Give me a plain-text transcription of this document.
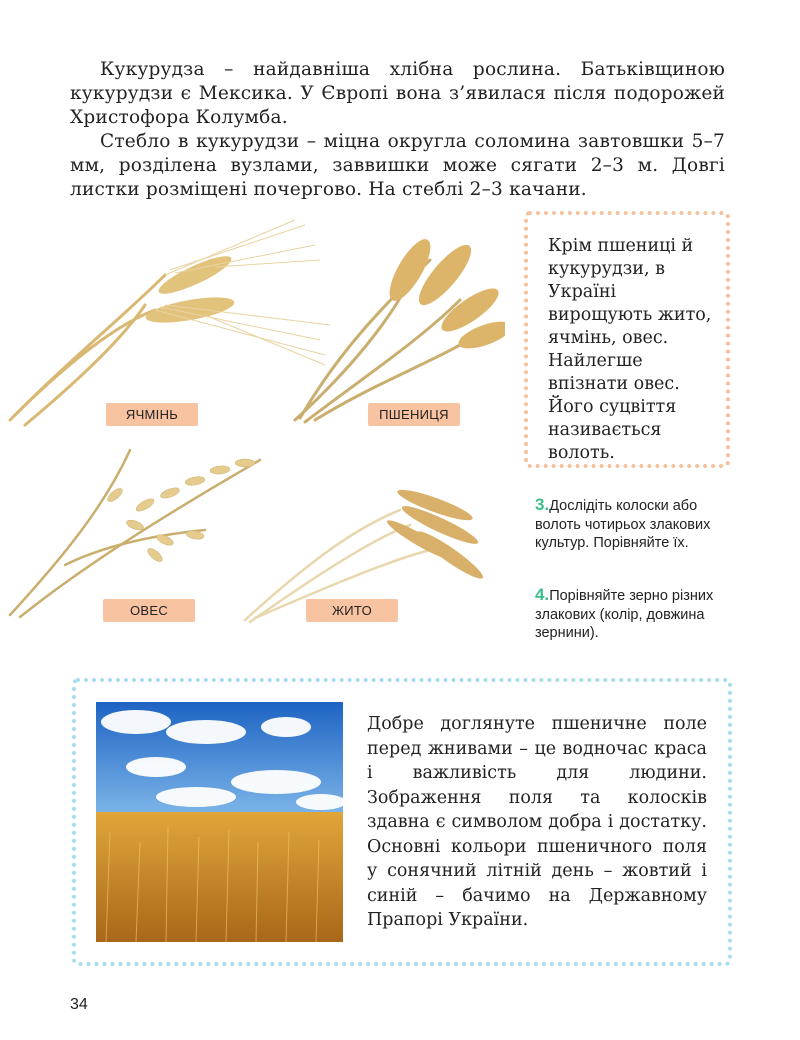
Кукурудза – найдавніша хлібна рослина. Батьківщиною кукурудзи є Мексика. У Європі вона з’явилася після подорожей Христофора Колумба.

Стебло в кукурудзи – міцна округла соломина завтовшки 5–7 мм, розділена вузлами, заввишки може сягати 2–3 м. Довгі листки розміщені почергово. На стеблі 2–3 качани.

ЯЧМІНЬ	ПШЕНИЦЯ
ОВЕС	ЖИТО
Крім пшениці й кукурудзи, в Україні вирощують жито, ячмінь, овес. Найлегше впізнати овес. Його суцвіття називається волоть.
3.Дослідіть колоски або волоть чотирьох злакових культур. Порівняйте їх.
4.Порівняйте зерно різних злакових (колір, довжина зернини).
Добре доглянуте пшеничне поле перед жнивами – це водночас краса і важливість для людини. Зображення поля та колосків здавна є символом добра і достатку. Основні кольори пшеничного поля у сонячний літній день – жовтий і синій – бачимо на Державному Прапорі України.
34
